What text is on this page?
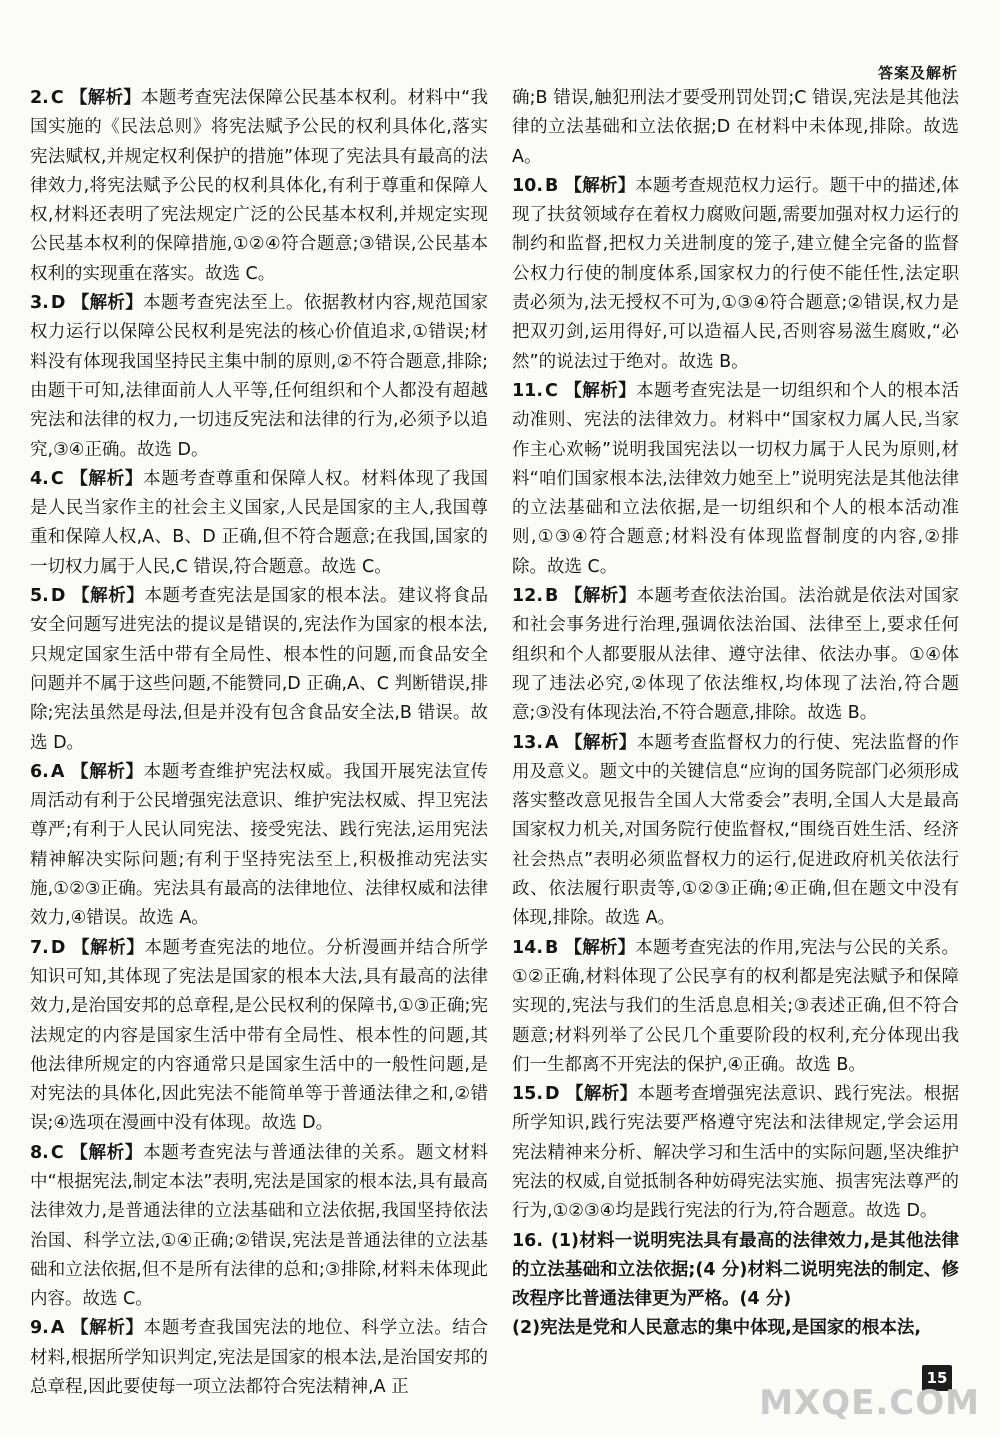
答案及解析

2. C 【解析】本题考查宪法保障公民基本权利。材料中“我国实施的《民法总则》将宪法赋予公民的权利具体化,落实宪法赋权,并规定权利保护的措施”体现了宪法具有最高的法律效力,将宪法赋予公民的权利具体化,有利于尊重和保障人权,材料还表明了宪法规定广泛的公民基本权利,并规定实现公民基本权利的保障措施,①②④符合题意;③错误,公民基本权利的实现重在落实。故选 C。

3. D 【解析】本题考查宪法至上。依据教材内容,规范国家权力运行以保障公民权利是宪法的核心价值追求,①错误;材料没有体现我国坚持民主集中制的原则,②不符合题意,排除;由题干可知,法律面前人人平等,任何组织和个人都没有超越宪法和法律的权力,一切违反宪法和法律的行为,必须予以追究,③④正确。故选 D。

4. C 【解析】本题考查尊重和保障人权。材料体现了我国是人民当家作主的社会主义国家,人民是国家的主人,我国尊重和保障人权,A、B、D 正确,但不符合题意;在我国,国家的一切权力属于人民,C 错误,符合题意。故选 C。

5. D 【解析】本题考查宪法是国家的根本法。建议将食品安全问题写进宪法的提议是错误的,宪法作为国家的根本法,只规定国家生活中带有全局性、根本性的问题,而食品安全问题并不属于这些问题,不能赞同,D 正确,A、C 判断错误,排除;宪法虽然是母法,但是并没有包含食品安全法,B 错误。故选 D。

6. A 【解析】本题考查维护宪法权威。我国开展宪法宣传周活动有利于公民增强宪法意识、维护宪法权威、捍卫宪法尊严;有利于人民认同宪法、接受宪法、践行宪法,运用宪法精神解决实际问题;有利于坚持宪法至上,积极推动宪法实施,①②③正确。宪法具有最高的法律地位、法律权威和法律效力,④错误。故选 A。

7. D 【解析】本题考查宪法的地位。分析漫画并结合所学知识可知,其体现了宪法是国家的根本大法,具有最高的法律效力,是治国安邦的总章程,是公民权利的保障书,①③正确;宪法规定的内容是国家生活中带有全局性、根本性的问题,其他法律所规定的内容通常只是国家生活中的一般性问题,是对宪法的具体化,因此宪法不能简单等于普通法律之和,②错误;④选项在漫画中没有体现。故选 D。

8. C 【解析】本题考查宪法与普通法律的关系。题文材料中“根据宪法,制定本法”表明,宪法是国家的根本法,具有最高法律效力,是普通法律的立法基础和立法依据,我国坚持依法治国、科学立法,①④正确;②错误,宪法是普通法律的立法基础和立法依据,但不是所有法律的总和;③排除,材料未体现此内容。故选 C。

9. A 【解析】本题考查我国宪法的地位、科学立法。结合材料,根据所学知识判定,宪法是国家的根本法,是治国安邦的总章程,因此要使每一项立法都符合宪法精神,A 正

确;B 错误,触犯刑法才要受刑罚处罚;C 错误,宪法是其他法律的立法基础和立法依据;D 在材料中未体现,排除。故选 A。

10. B 【解析】本题考查规范权力运行。题干中的描述,体现了扶贫领域存在着权力腐败问题,需要加强对权力运行的制约和监督,把权力关进制度的笼子,建立健全完备的监督公权力行使的制度体系,国家权力的行使不能任性,法定职责必须为,法无授权不可为,①③④符合题意;②错误,权力是把双刃剑,运用得好,可以造福人民,否则容易滋生腐败,“必然”的说法过于绝对。故选 B。

11. C 【解析】本题考查宪法是一切组织和个人的根本活动准则、宪法的法律效力。材料中“国家权力属人民,当家作主心欢畅”说明我国宪法以一切权力属于人民为原则,材料“咱们国家根本法,法律效力她至上”说明宪法是其他法律的立法基础和立法依据,是一切组织和个人的根本活动准则,①③④符合题意;材料没有体现监督制度的内容,②排除。故选 C。

12. B 【解析】本题考查依法治国。法治就是依法对国家和社会事务进行治理,强调依法治国、法律至上,要求任何组织和个人都要服从法律、遵守法律、依法办事。①④体现了违法必究,②体现了依法维权,均体现了法治,符合题意;③没有体现法治,不符合题意,排除。故选 B。

13. A 【解析】本题考查监督权力的行使、宪法监督的作用及意义。题文中的关键信息“应询的国务院部门必须形成落实整改意见报告全国人大常委会”表明,全国人大是最高国家权力机关,对国务院行使监督权,“围绕百姓生活、经济社会热点”表明必须监督权力的运行,促进政府机关依法行政、依法履行职责等,①②③正确;④正确,但在题文中没有体现,排除。故选 A。

14. B 【解析】本题考查宪法的作用,宪法与公民的关系。①②正确,材料体现了公民享有的权利都是宪法赋予和保障实现的,宪法与我们的生活息息相关;③表述正确,但不符合题意;材料列举了公民几个重要阶段的权利,充分体现出我们一生都离不开宪法的保护,④正确。故选 B。

15. D 【解析】本题考查增强宪法意识、践行宪法。根据所学知识,践行宪法要严格遵守宪法和法律规定,学会运用宪法精神来分析、解决学习和生活中的实际问题,坚决维护宪法的权威,自觉抵制各种妨碍宪法实施、损害宪法尊严的行为,①②③④均是践行宪法的行为,符合题意。故选 D。

16. (1)材料一说明宪法具有最高的法律效力,是其他法律的立法基础和立法依据;(4 分)材料二说明宪法的制定、修改程序比普通法律更为严格。(4 分)

(2)宪法是党和人民意志的集中体现,是国家的根本法,

15
MXQE.COM
